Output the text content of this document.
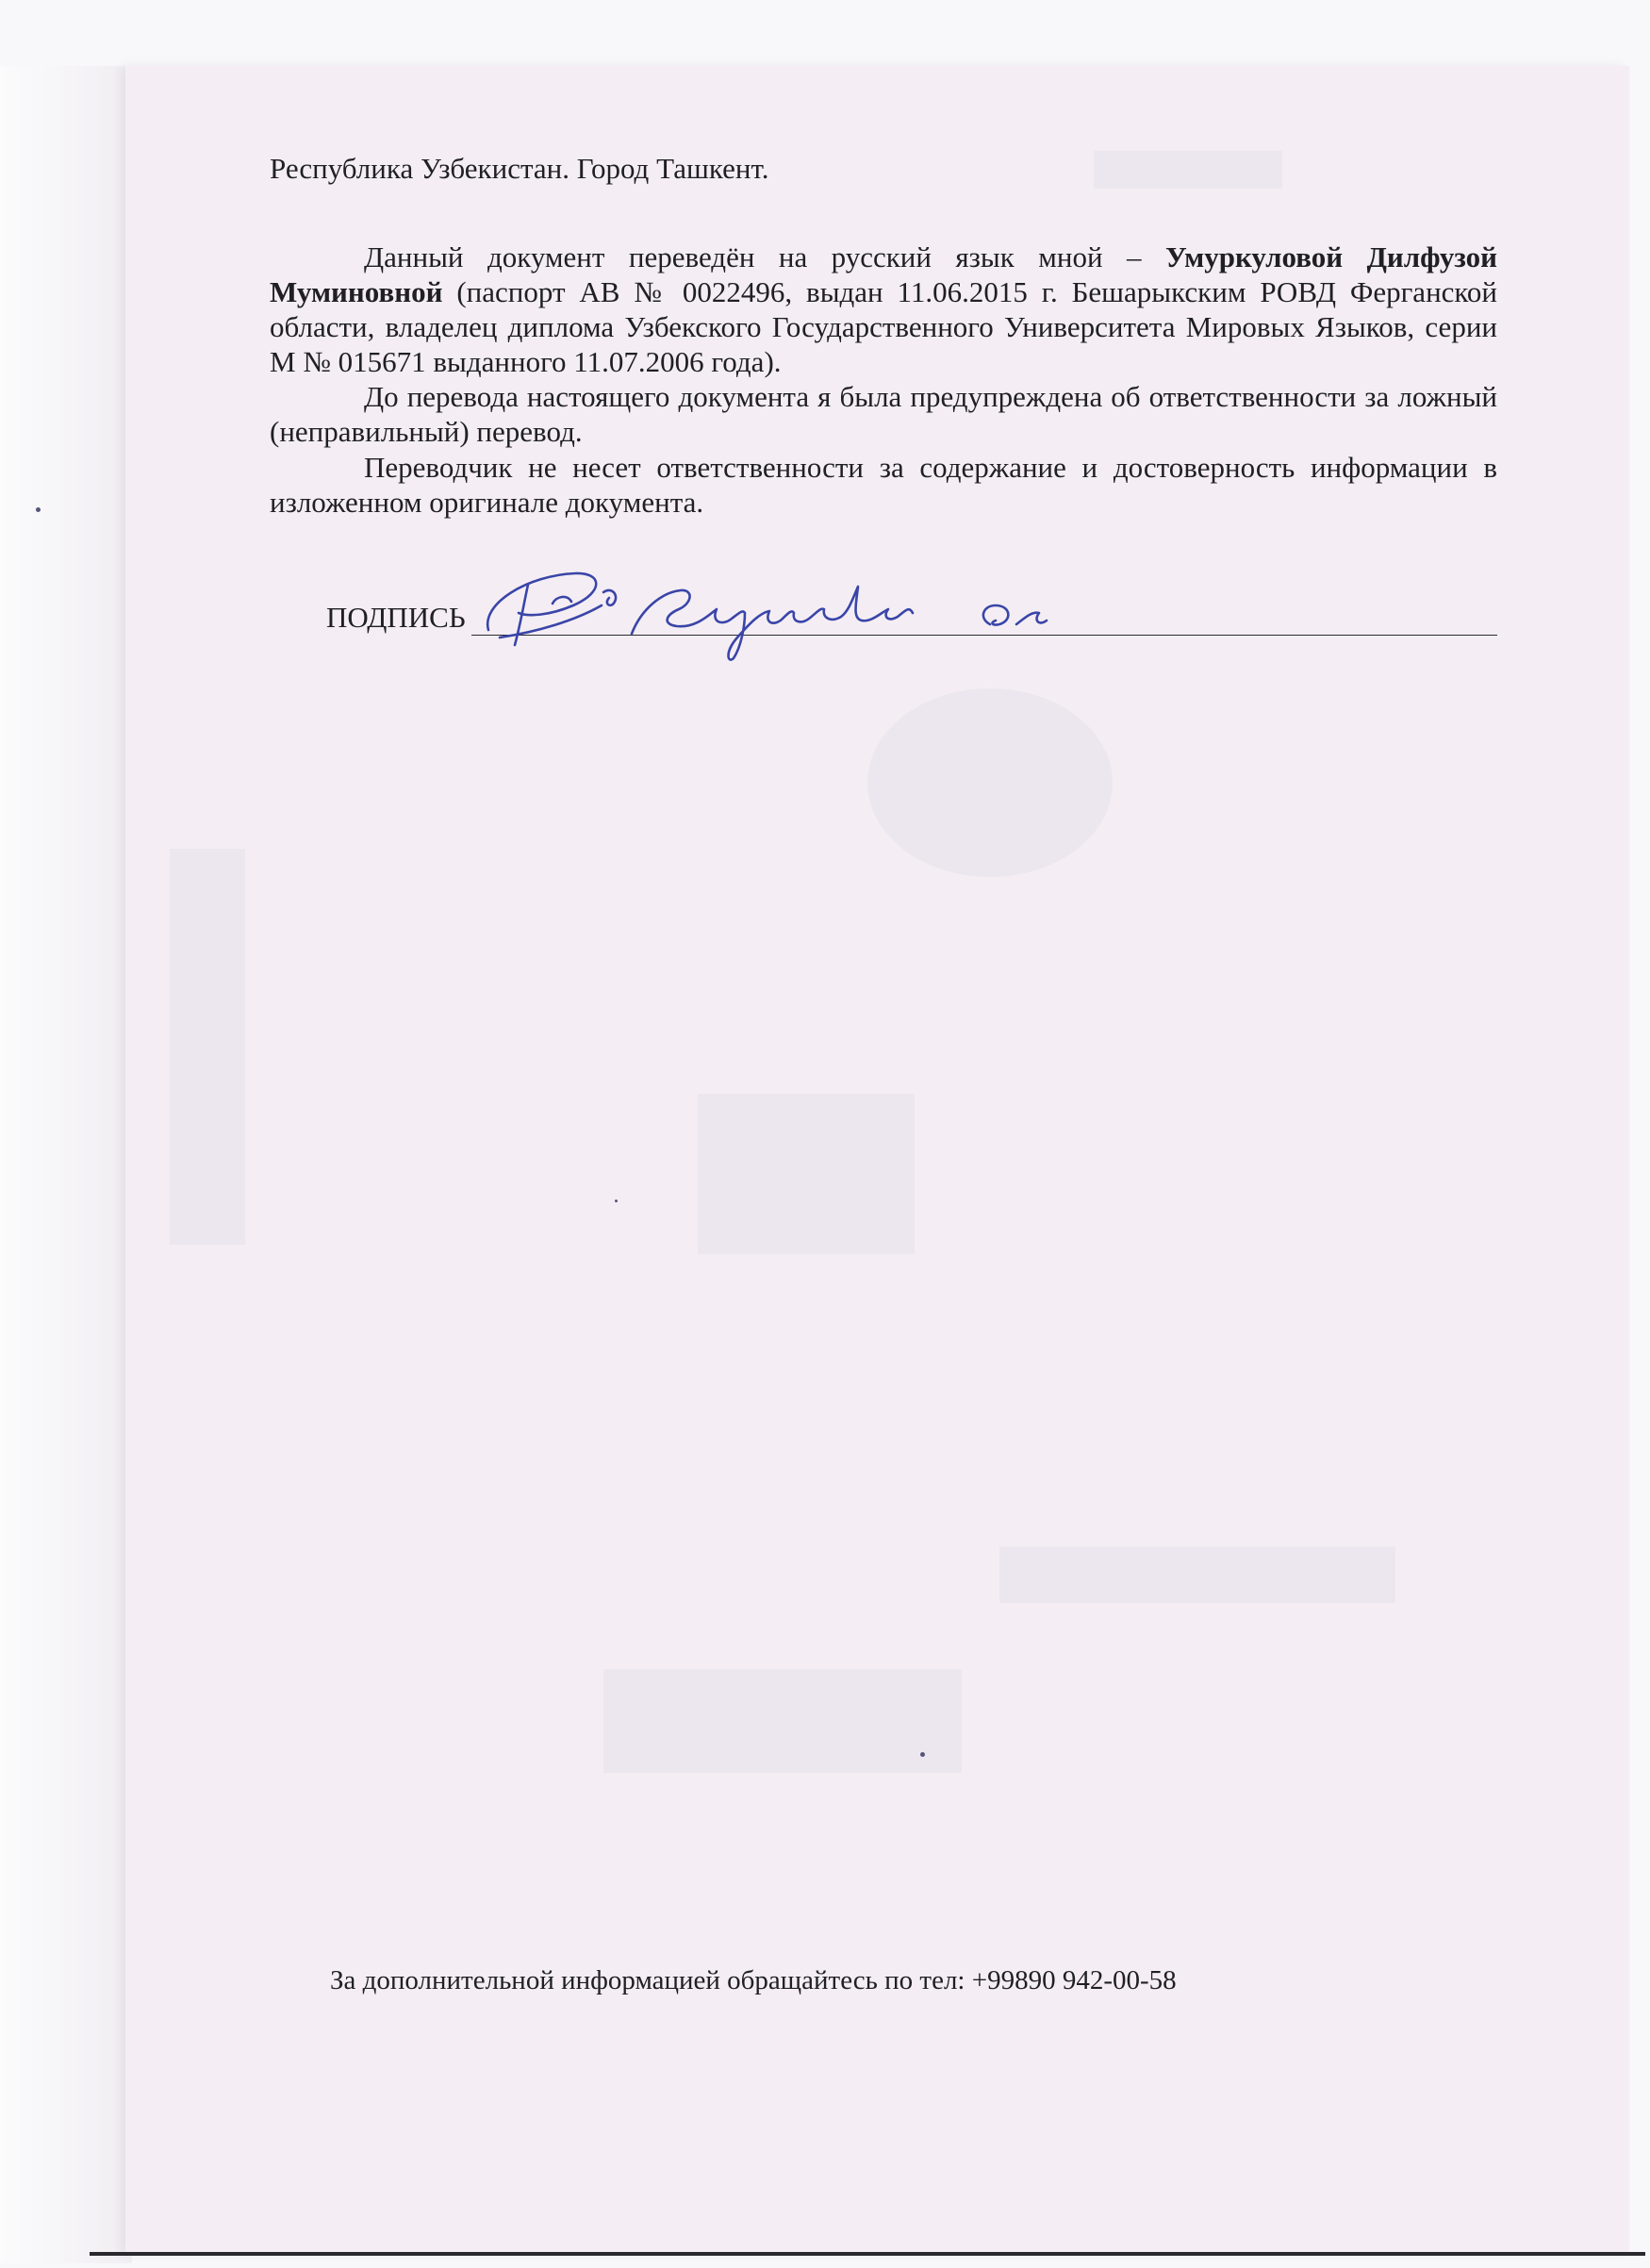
Республика Узбекистан. Город Ташкент.
Данный документ переведён на русский язык мной – Умуркуловой Дилфузой Муминовной (паспорт АВ № 0022496, выдан 11.06.2015 г. Бешарыкским РОВД Ферганской области, владелец диплома Узбекского Государственного Университета Мировых Языков, серии М № 015671 выданного 11.07.2006 года).
До перевода настоящего документа я была предупреждена об ответственности за ложный (неправильный) перевод.
Переводчик не несет ответственности за содержание и достоверность информации в изложенном оригинале документа.
ПОДПИСЬ
За дополнительной информацией обращайтесь по тел: +99890 942-00-58
